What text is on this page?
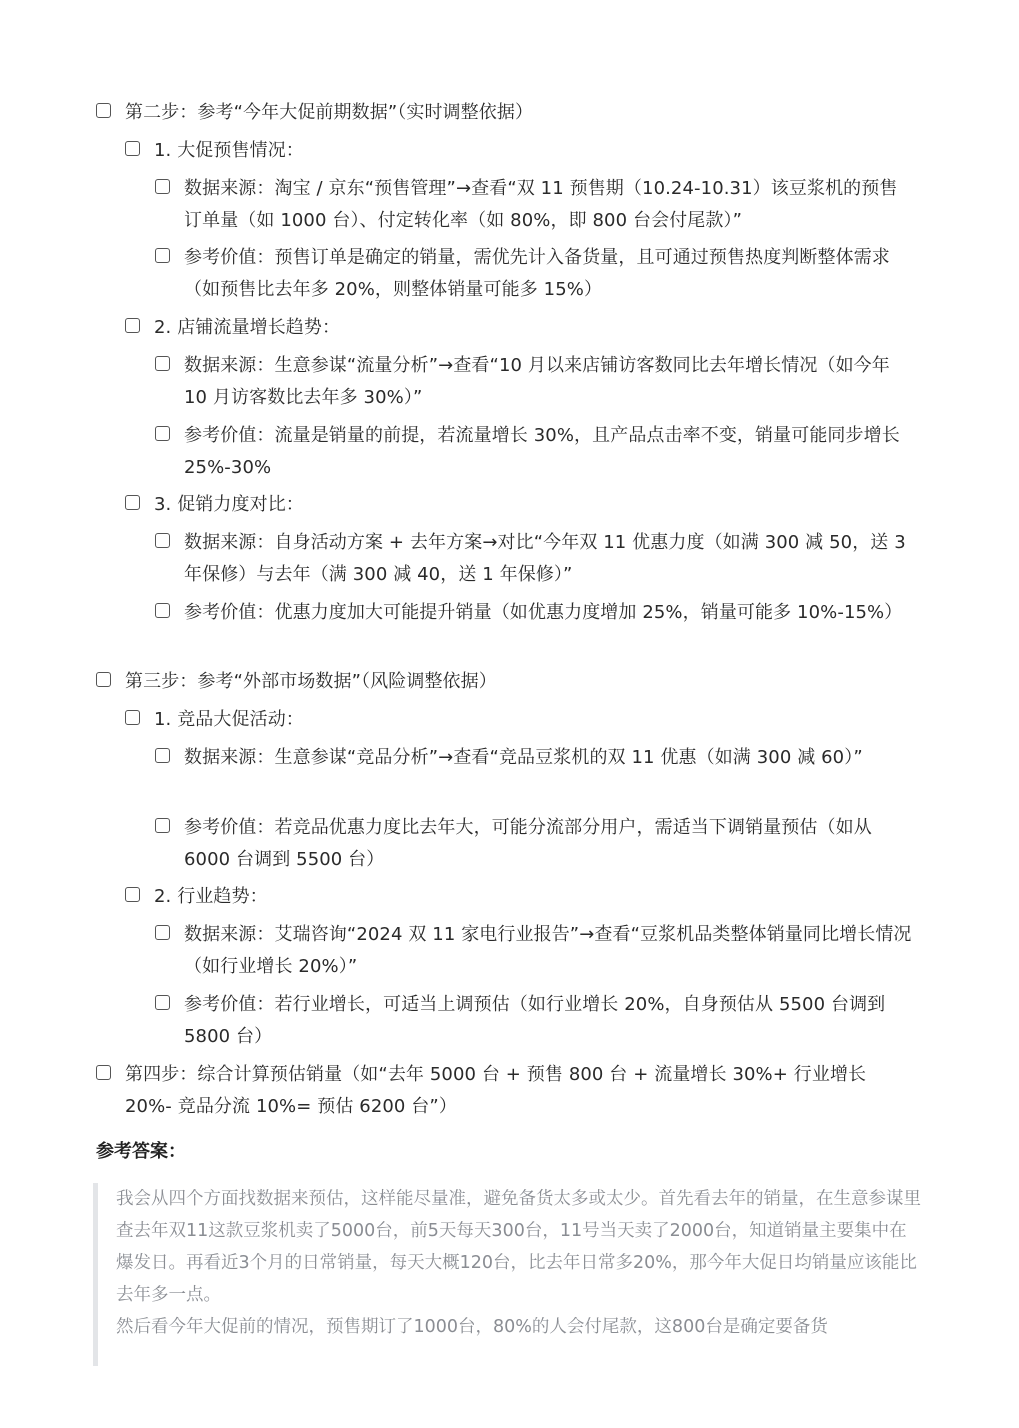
第二步：参考“今年大促前期数据”（实时调整依据）
1. 大促预售情况：
数据来源：淘宝 / 京东“预售管理”→查看“双 11 预售期（10.24-10.31）该豆浆机的预售订单量（如 1000 台）、付定转化率（如 80%，即 800 台会付尾款）”
参考价值：预售订单是确定的销量，需优先计入备货量，且可通过预售热度判断整体需求（如预售比去年多 20%，则整体销量可能多 15%）
2. 店铺流量增长趋势：
数据来源：生意参谋“流量分析”→查看“10 月以来店铺访客数同比去年增长情况（如今年 10 月访客数比去年多 30%）”
参考价值：流量是销量的前提，若流量增长 30%，且产品点击率不变，销量可能同步增长 25%-30%
3. 促销力度对比：
数据来源：自身活动方案 + 去年方案→对比“今年双 11 优惠力度（如满 300 减 50，送 3 年保修）与去年（满 300 减 40，送 1 年保修）”
参考价值：优惠力度加大可能提升销量（如优惠力度增加 25%，销量可能多 10%-15%）
第三步：参考“外部市场数据”（风险调整依据）
1. 竞品大促活动：
数据来源：生意参谋“竞品分析”→查看“竞品豆浆机的双 11 优惠（如满 300 减 60）”
参考价值：若竞品优惠力度比去年大，可能分流部分用户，需适当下调销量预估（如从 6000 台调到 5500 台）
2. 行业趋势：
数据来源：艾瑞咨询“2024 双 11 家电行业报告”→查看“豆浆机品类整体销量同比增长情况（如行业增长 20%）”
参考价值：若行业增长，可适当上调预估（如行业增长 20%，自身预估从 5500 台调到 5800 台）
第四步：综合计算预估销量（如“去年 5000 台 + 预售 800 台 + 流量增长 30%+ 行业增长 20%- 竞品分流 10%= 预估 6200 台”）
参考答案：

我会从四个方面找数据来预估，这样能尽量准，避免备货太多或太少。首先看去年的销量，在生意参谋里查去年双11这款豆浆机卖了5000台，前5天每天300台，11号当天卖了2000台，知道销量主要集中在爆发日。再看近3个月的日常销量，每天大概120台，比去年日常多20%，那今年大促日均销量应该能比去年多一点。

然后看今年大促前的情况，预售期订了1000台，80%的人会付尾款，这800台是确定要备货
